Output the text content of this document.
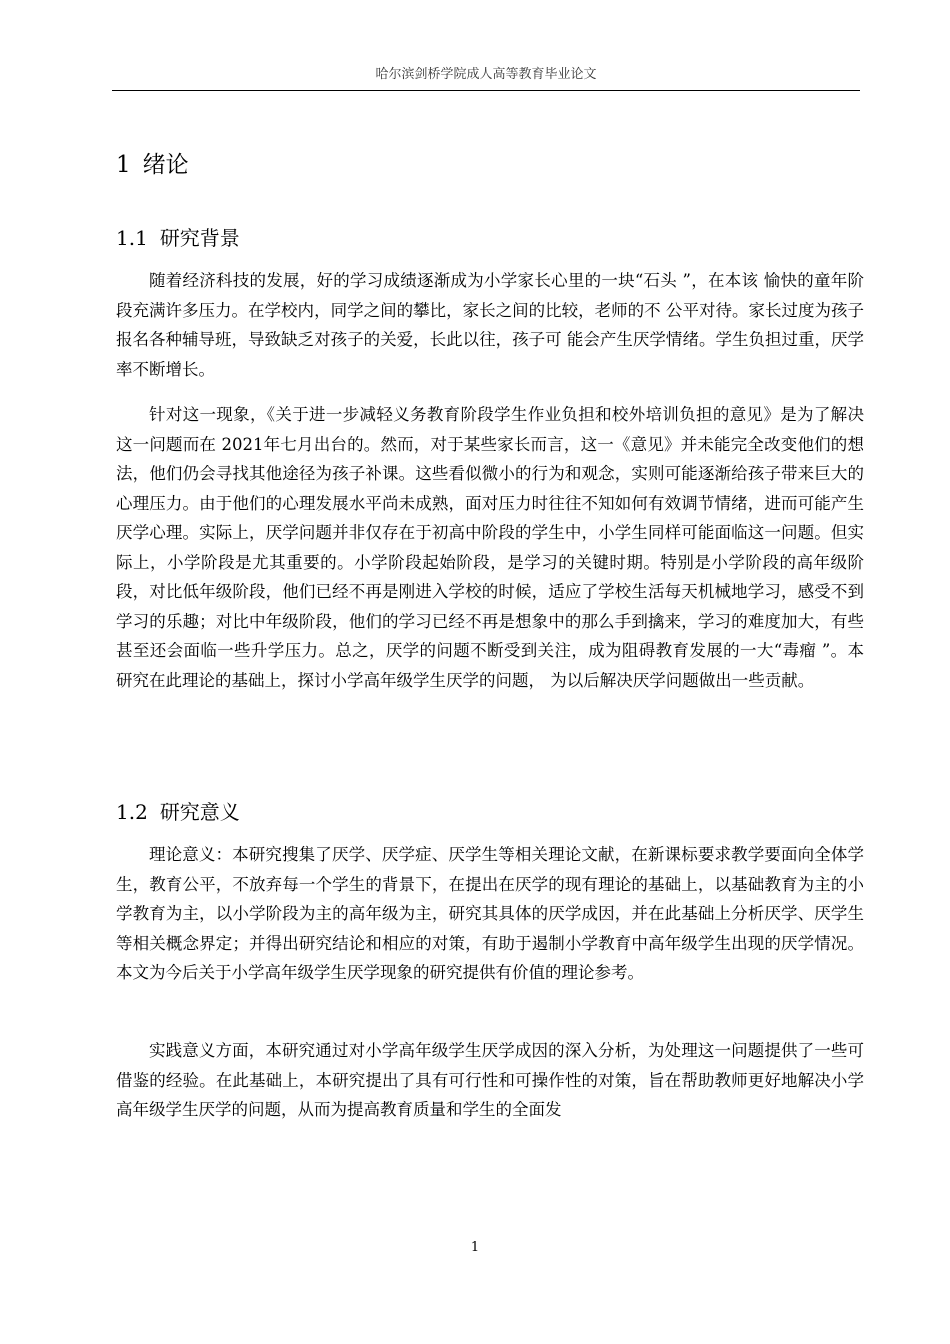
哈尔滨剑桥学院成人高等教育毕业论文
1 绪论
1.1 研究背景

随着经济科技的发展，好的学习成绩逐渐成为小学家长心里的一块“石头 ”，在本该 愉快的童年阶段充满许多压力。在学校内，同学之间的攀比，家长之间的比较，老师的不 公平对待。家长过度为孩子报名各种辅导班，导致缺乏对孩子的关爱，长此以往，孩子可 能会产生厌学情绪。学生负担过重，厌学率不断增长。

针对这一现象，《关于进一步减轻义务教育阶段学生作业负担和校外培训负担的意见》是为了解决这一问题而在 2021年七月出台的。然而，对于某些家长而言，这一《意见》并未能完全改变他们的想法，他们仍会寻找其他途径为孩子补课。这些看似微小的行为和观念，实则可能逐渐给孩子带来巨大的心理压力。由于他们的心理发展水平尚未成熟，面对压力时往往不知如何有效调节情绪，进而可能产生厌学心理。实际上，厌学问题并非仅存在于初高中阶段的学生中，小学生同样可能面临这一问题。但实际上，小学阶段是尤其重要的。小学阶段起始阶段，是学习的关键时期。特别是小学阶段的高年级阶段，对比低年级阶段，他们已经不再是刚进入学校的时候，适应了学校生活每天机械地学习，感受不到学习的乐趣；对比中年级阶段，他们的学习已经不再是想象中的那么手到擒来，学习的难度加大，有些甚至还会面临一些升学压力。总之，厌学的问题不断受到关注，成为阻碍教育发展的一大“毒瘤 ”。本研究在此理论的基础上，探讨小学高年级学生厌学的问题， 为以后解决厌学问题做出一些贡献。

1.2 研究意义

理论意义：本研究搜集了厌学、厌学症、厌学生等相关理论文献，在新课标要求教学要面向全体学生，教育公平，不放弃每一个学生的背景下，在提出在厌学的现有理论的基础上，以基础教育为主的小学教育为主，以小学阶段为主的高年级为主，研究其具体的厌学成因，并在此基础上分析厌学、厌学生等相关概念界定；并得出研究结论和相应的对策，有助于遏制小学教育中高年级学生出现的厌学情况。本文为今后关于小学高年级学生厌学现象的研究提供有价值的理论参考。

实践意义方面，本研究通过对小学高年级学生厌学成因的深入分析，为处理这一问题提供了一些可借鉴的经验。在此基础上，本研究提出了具有可行性和可操作性的对策，旨在帮助教师更好地解决小学高年级学生厌学的问题，从而为提高教育质量和学生的全面发

1
